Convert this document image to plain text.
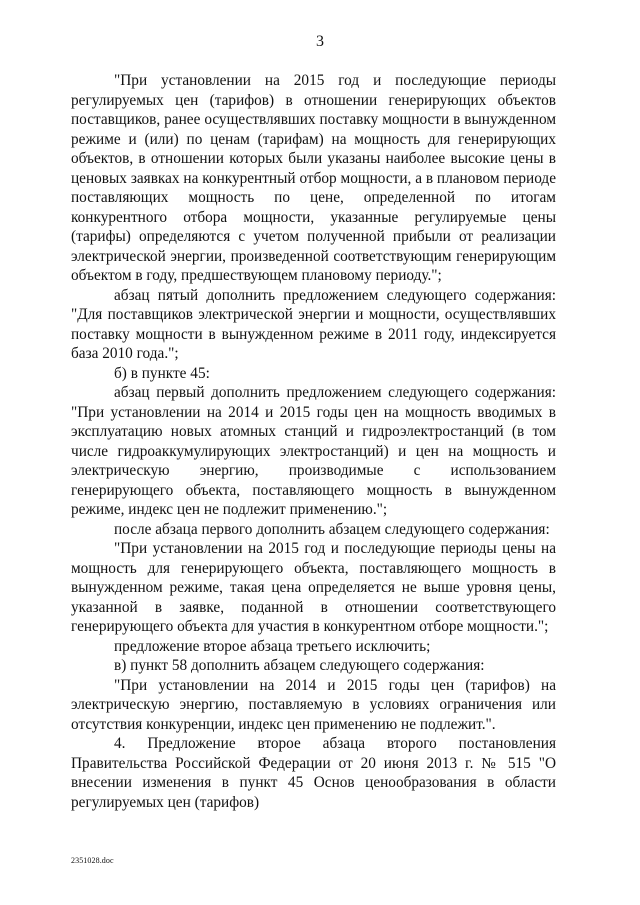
3

"При установлении на 2015 год и последующие периоды регулируемых цен (тарифов) в отношении генерирующих объектов поставщиков, ранее осуществлявших поставку мощности в вынужденном режиме и (или) по ценам (тарифам) на мощность для генерирующих объектов, в отношении которых были указаны наиболее высокие цены в ценовых заявках на конкурентный отбор мощности, а в плановом периоде поставляющих мощность по цене, определенной по итогам конкурентного отбора мощности, указанные регулируемые цены (тарифы) определяются с учетом полученной прибыли от реализации электрической энергии, произведенной соответствующим генерирующим объектом в году, предшествующем плановому периоду.";

абзац пятый дополнить предложением следующего содержания: "Для поставщиков электрической энергии и мощности, осуществлявших поставку мощности в вынужденном режиме в 2011 году, индексируется база 2010 года.";

б) в пункте 45:

абзац первый дополнить предложением следующего содержания: "При установлении на 2014 и 2015 годы цен на мощность вводимых в эксплуатацию новых атомных станций и гидроэлектростанций (в том числе гидроаккумулирующих электростанций) и цен на мощность и электрическую энергию, производимые с использованием генерирующего объекта, поставляющего мощность в вынужденном режиме, индекс цен не подлежит применению.";

после абзаца первого дополнить абзацем следующего содержания:

"При установлении на 2015 год и последующие периоды цены на мощность для генерирующего объекта, поставляющего мощность в вынужденном режиме, такая цена определяется не выше уровня цены, указанной в заявке, поданной в отношении соответствующего генерирующего объекта для участия в конкурентном отборе мощности.";

предложение второе абзаца третьего исключить;

в) пункт 58 дополнить абзацем следующего содержания:

"При установлении на 2014 и 2015 годы цен (тарифов) на электрическую энергию, поставляемую в условиях ограничения или отсутствия конкуренции, индекс цен применению не подлежит.".

4. Предложение второе абзаца второго постановления Правительства Российской Федерации от 20 июня 2013 г. № 515 "О внесении изменения в пункт 45 Основ ценообразования в области регулируемых цен (тарифов)

2351028.doc
